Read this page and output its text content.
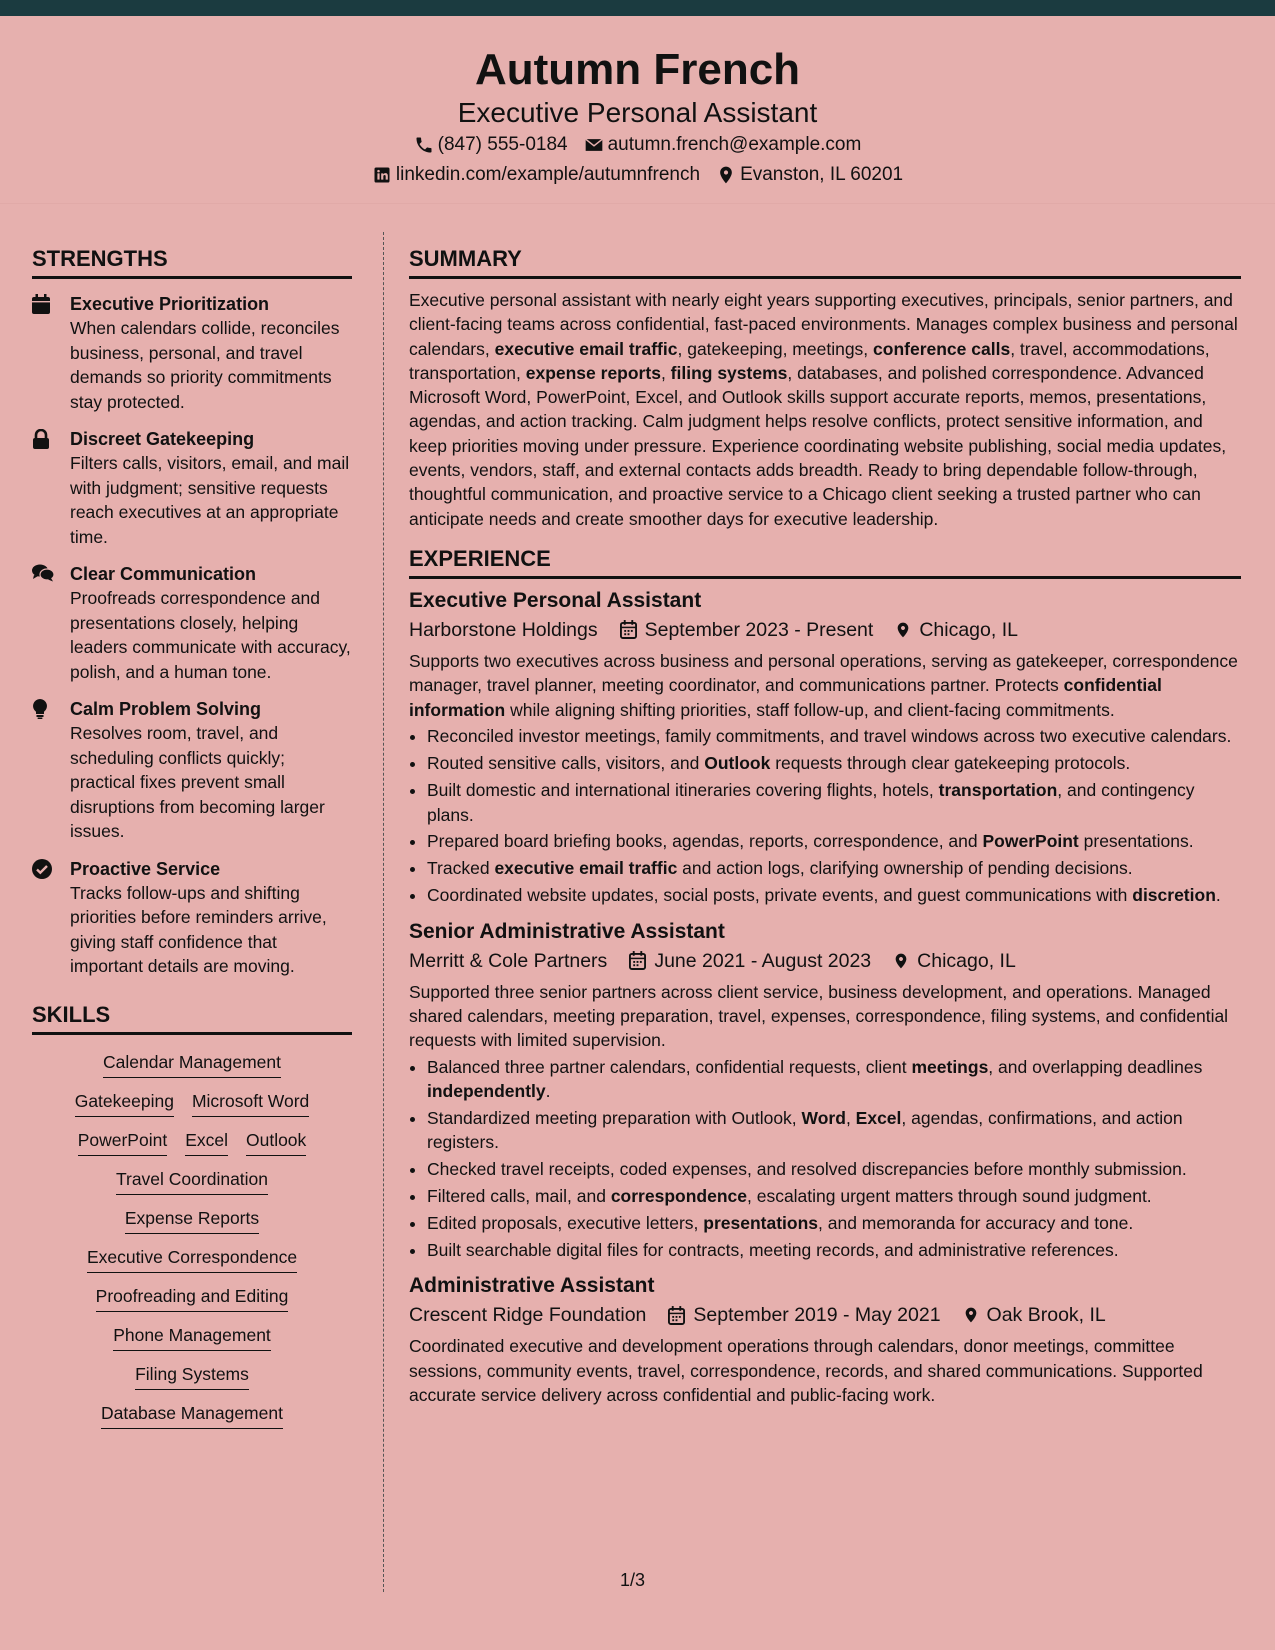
Autumn French
Executive Personal Assistant
(847) 555-0184 autumn.french@example.com
linkedin.com/example/autumnfrench Evanston, IL 60201
STRENGTHS
Executive Prioritization
When calendars collide, reconciles business, personal, and travel demands so priority commitments stay protected.
Discreet Gatekeeping
Filters calls, visitors, email, and mail with judgment; sensitive requests reach executives at an appropriate time.
Clear Communication
Proofreads correspondence and presentations closely, helping leaders communicate with accuracy, polish, and a human tone.
Calm Problem Solving
Resolves room, travel, and scheduling conflicts quickly; practical fixes prevent small disruptions from becoming larger issues.
Proactive Service
Tracks follow-ups and shifting priorities before reminders arrive, giving staff confidence that important details are moving.
SKILLS
Calendar Management
Gatekeeping Microsoft Word
PowerPoint Excel Outlook
Travel Coordination
Expense Reports
Executive Correspondence
Proofreading and Editing
Phone Management
Filing Systems
Database Management
SUMMARY
Executive personal assistant with nearly eight years supporting executives, principals, senior partners, and client-facing teams across confidential, fast-paced environments. Manages complex business and personal calendars, executive email traffic, gatekeeping, meetings, conference calls, travel, accommodations, transportation, expense reports, filing systems, databases, and polished correspondence. Advanced Microsoft Word, PowerPoint, Excel, and Outlook skills support accurate reports, memos, presentations, agendas, and action tracking. Calm judgment helps resolve conflicts, protect sensitive information, and keep priorities moving under pressure. Experience coordinating website publishing, social media updates, events, vendors, staff, and external contacts adds breadth. Ready to bring dependable follow-through, thoughtful communication, and proactive service to a Chicago client seeking a trusted partner who can anticipate needs and create smoother days for executive leadership.
EXPERIENCE
Executive Personal Assistant
Harborstone Holdings September 2023 - Present Chicago, IL
Supports two executives across business and personal operations, serving as gatekeeper, correspondence manager, travel planner, meeting coordinator, and communications partner. Protects confidential information while aligning shifting priorities, staff follow-up, and client-facing commitments.
• Reconciled investor meetings, family commitments, and travel windows across two executive calendars.
• Routed sensitive calls, visitors, and Outlook requests through clear gatekeeping protocols.
• Built domestic and international itineraries covering flights, hotels, transportation, and contingency plans.
• Prepared board briefing books, agendas, reports, correspondence, and PowerPoint presentations.
• Tracked executive email traffic and action logs, clarifying ownership of pending decisions.
• Coordinated website updates, social posts, private events, and guest communications with discretion.
Senior Administrative Assistant
Merritt & Cole Partners June 2021 - August 2023 Chicago, IL
Supported three senior partners across client service, business development, and operations. Managed shared calendars, meeting preparation, travel, expenses, correspondence, filing systems, and confidential requests with limited supervision.
• Balanced three partner calendars, confidential requests, client meetings, and overlapping deadlines independently.
• Standardized meeting preparation with Outlook, Word, Excel, agendas, confirmations, and action registers.
• Checked travel receipts, coded expenses, and resolved discrepancies before monthly submission.
• Filtered calls, mail, and correspondence, escalating urgent matters through sound judgment.
• Edited proposals, executive letters, presentations, and memoranda for accuracy and tone.
• Built searchable digital files for contracts, meeting records, and administrative references.
Administrative Assistant
Crescent Ridge Foundation September 2019 - May 2021 Oak Brook, IL
Coordinated executive and development operations through calendars, donor meetings, committee sessions, community events, travel, correspondence, records, and shared communications. Supported accurate service delivery across confidential and public-facing work.
1/3
